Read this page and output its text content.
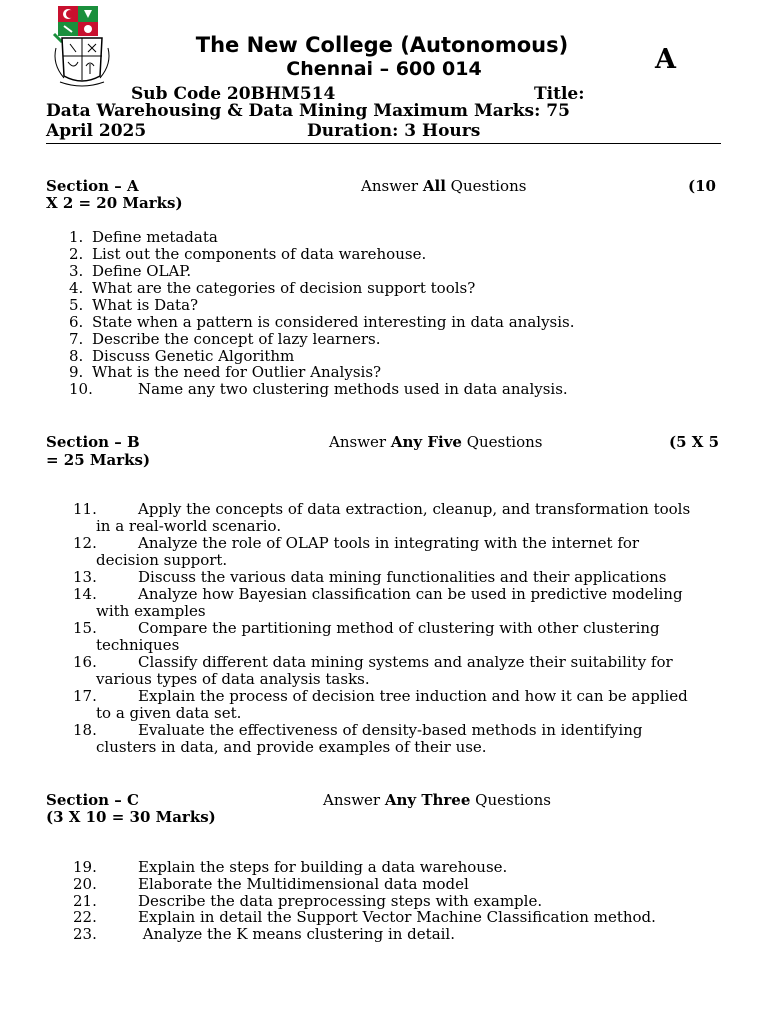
The New College (Autonomous)
Chennai – 600 014	A
Sub Code 20BHM514	Title:
Data Warehousing & Data Mining Maximum Marks: 75
April 2025	Duration: 3 Hours
Section – A	Answer All Questions	(10
X 2 = 20 Marks)
1. Define metadata
2. List out the components of data warehouse.
3. Define OLAP.
4. What are the categories of decision support tools?
5. What is Data?
6. State when a pattern is considered interesting in data analysis.
7. Describe the concept of lazy learners.
8. Discuss Genetic Algorithm
9. What is the need for Outlier Analysis?
10.	Name any two clustering methods used in data analysis.
Section – B	Answer Any Five Questions	(5 X 5
= 25 Marks)
11.	Apply the concepts of data extraction, cleanup, and transformation tools
in a real-world scenario.
12.	Analyze the role of OLAP tools in integrating with the internet for
decision support.
13.	Discuss the various data mining functionalities and their applications
14.	Analyze how Bayesian classification can be used in predictive modeling
with examples
15.	Compare the partitioning method of clustering with other clustering
techniques
16.	Classify different data mining systems and analyze their suitability for
various types of data analysis tasks.
17.	Explain the process of decision tree induction and how it can be applied
to a given data set.
18.	Evaluate the effectiveness of density-based methods in identifying
clusters in data, and provide examples of their use.
Section – C	Answer Any Three Questions
(3 X 10 = 30 Marks)
19.	Explain the steps for building a data warehouse.
20.	Elaborate the Multidimensional data model
21.	Describe the data preprocessing steps with example.
22.	Explain in detail the Support Vector Machine Classification method.
23.	Analyze the K means clustering in detail.
